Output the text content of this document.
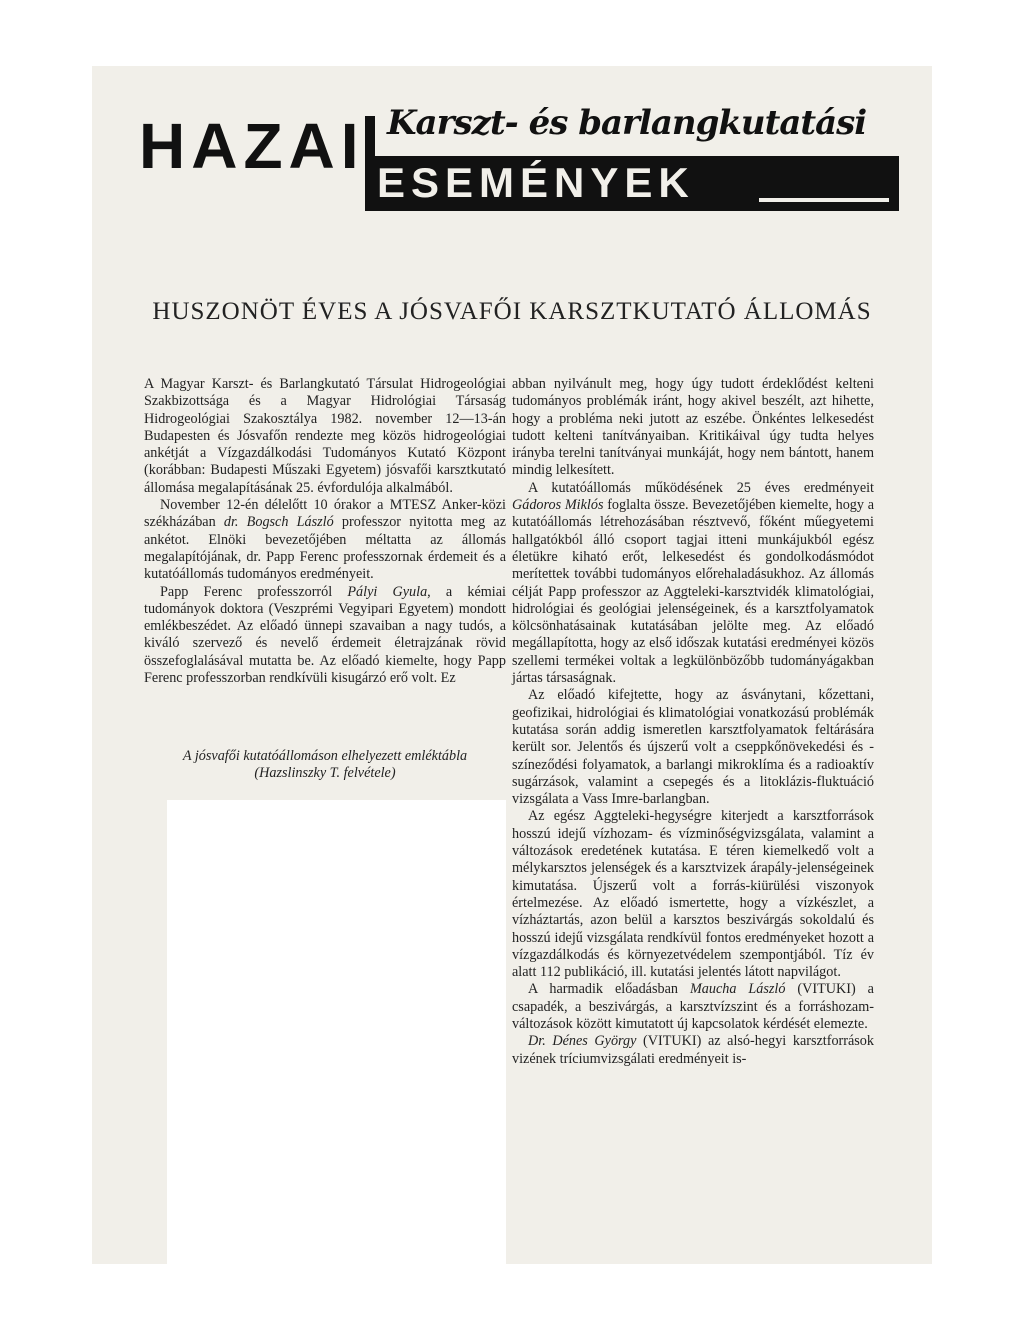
HAZAI Karszt- és barlangkutatási
ESEMÉNYEK
HUSZONÖT ÉVES A JÓSVAFŐI KARSZTKUTATÓ ÁLLOMÁS

A Magyar Karszt- és Barlangkutató Társulat Hidrogeológiai Szakbizottsága és a Magyar Hidrológiai Társaság Hidrogeológiai Szakosztálya 1982. november 12—13-án Budapesten és Jósvafőn rendezte meg közös hidrogeológiai ankétját a Vízgazdálkodási Tudományos Kutató Központ (korábban: Budapesti Műszaki Egyetem) jósvafői karsztkutató állomása megalapításának 25. évfordulója alkalmából.

November 12-én délelőtt 10 órakor a MTESZ Anker-közi székházában dr. Bogsch László professzor nyitotta meg az ankétot. Elnöki bevezetőjében méltatta az állomás megalapítójának, dr. Papp Ferenc professzornak érdemeit és a kutatóállomás tudományos eredményeit.

Papp Ferenc professzorról Pályi Gyula, a kémiai tudományok doktora (Veszprémi Vegyipari Egyetem) mondott emlékbeszédet. Az előadó ünnepi szavaiban a nagy tudós, a kiváló szervező és nevelő érdemeit életrajzának rövid összefoglalásával mutatta be. Az előadó kiemelte, hogy Papp Ferenc professzorban rendkívüli kisugárzó erő volt. Ez

A jósvafői kutatóállomáson elhelyezett emléktábla
(Hazslinszky T. felvétele)

abban nyilvánult meg, hogy úgy tudott érdeklődést kelteni tudományos problémák iránt, hogy akivel beszélt, azt hihette, hogy a probléma neki jutott az eszébe. Önkéntes lelkesedést tudott kelteni tanítványaiban. Kritikáival úgy tudta helyes irányba terelni tanítványai munkáját, hogy nem bántott, hanem mindig lelkesített.

A kutatóállomás működésének 25 éves eredményeit Gádoros Miklós foglalta össze. Bevezetőjében kiemelte, hogy a kutatóállomás létrehozásában résztvevő, főként műegyetemi hallgatókból álló csoport tagjai itteni munkájukból egész életükre kiható erőt, lelkesedést és gondolkodásmódot merítettek további tudományos előrehaladásukhoz. Az állomás célját Papp professzor az Aggteleki-karsztvidék klimatológiai, hidrológiai és geológiai jelenségeinek, és a karsztfolyamatok kölcsönhatásainak kutatásában jelölte meg. Az előadó megállapította, hogy az első időszak kutatási eredményei közös szellemi termékei voltak a legkülönbözőbb tudományágakban jártas társaságnak.

Az előadó kifejtette, hogy az ásványtani, kőzettani, geofizikai, hidrológiai és klimatológiai vonatkozású problémák kutatása során addig ismeretlen karsztfolyamatok feltárására került sor. Jelentős és újszerű volt a cseppkőnövekedési és -színeződési folyamatok, a barlangi mikroklíma és a radioaktív sugárzások, valamint a csepegés és a litoklázis-fluktuáció vizsgálata a Vass Imre-barlangban.

Az egész Aggteleki-hegységre kiterjedt a karsztforrások hosszú idejű vízhozam- és vízminőségvizsgálata, valamint a változások eredetének kutatása. E téren kiemelkedő volt a mélykarsztos jelenségek és a karsztvizek árapály-jelenségeinek kimutatása. Újszerű volt a forrás-kiürülési viszonyok értelmezése. Az előadó ismertette, hogy a vízkészlet, a vízháztartás, azon belül a karsztos beszivárgás sokoldalú és hosszú idejű vizsgálata rendkívül fontos eredményeket hozott a vízgazdálkodás és környezetvédelem szempontjából. Tíz év alatt 112 publikáció, ill. kutatási jelentés látott napvilágot.

A harmadik előadásban Maucha László (VITUKI) a csapadék, a beszivárgás, a karsztvízszint és a forráshozam-változások között kimutatott új kapcsolatok kérdését elemezte.

Dr. Dénes György (VITUKI) az alsó-hegyi karsztforrások vizének tríciumvizsgálati eredményeit is-
